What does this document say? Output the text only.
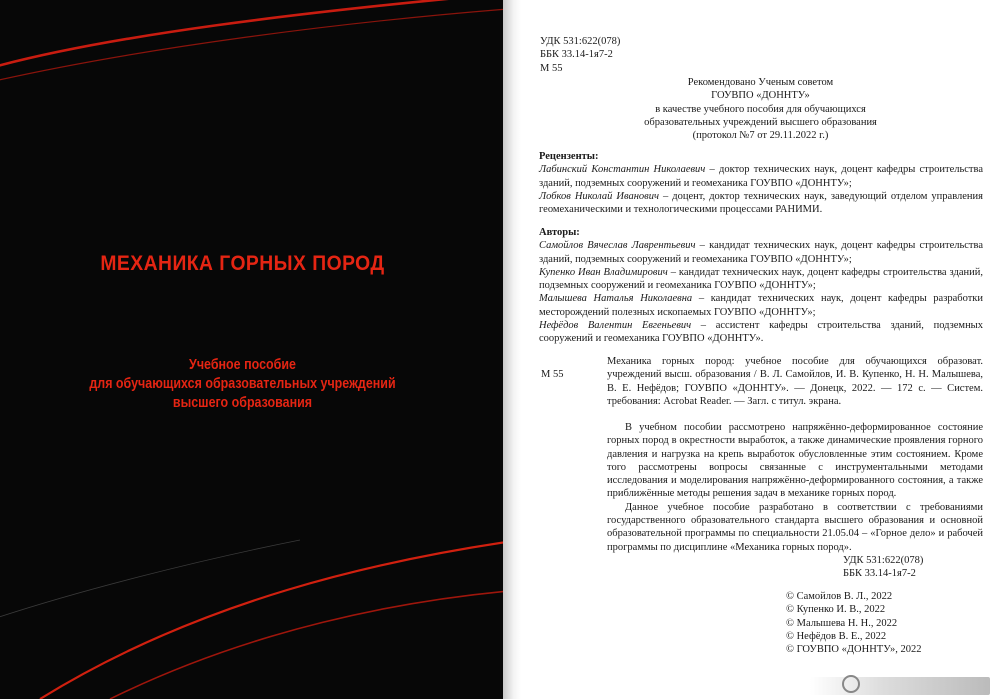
МЕХАНИКА ГОРНЫХ ПОРОД
Учебное пособие
для обучающихся образовательных учреждений
высшего образования
УДК 531:622(078)
ББК 33.14-1я7-2
М 55
Рекомендовано Ученым советом
ГОУВПО «ДОННТУ»
в качестве учебного пособия для обучающихся
образовательных учреждений высшего образования
(протокол №7 от 29.11.2022 г.)
Рецензенты:
Лабинский Константин Николаевич – доктор технических наук, доцент кафедры строительства зданий, подземных сооружений и геомеханика ГОУВПО «ДОННТУ»;
Лобков Николай Иванович – доцент, доктор технических наук, заведующий отделом управления геомеханическими и технологическими процессами РАНИМИ.
Авторы:
Самойлов Вячеслав Лаврентьевич – кандидат технических наук, доцент кафедры строительства зданий, подземных сооружений и геомеханика ГОУВПО «ДОННТУ»;
Купенко Иван Владимирович – кандидат технических наук, доцент кафедры строительства зданий, подземных сооружений и геомеханика ГОУВПО «ДОННТУ»;
Малышева Наталья Николаевна – кандидат технических наук, доцент кафедры разработки месторождений полезных ископаемых ГОУВПО «ДОННТУ»;
Нефёдов Валентин Евгеньевич – ассистент кафедры строительства зданий, подземных сооружений и геомеханика ГОУВПО «ДОННТУ».
М 55
Механика горных пород: учебное пособие для обучающихся образоват. учреждений высш. образования / В. Л. Самойлов, И. В. Купенко, Н. Н. Малышева, В. Е. Нефёдов; ГОУВПО «ДОННТУ». — Донецк, 2022. — 172 с. — Систем. требования: Acrobat Reader. — Загл. с титул. экрана.

В учебном пособии рассмотрено напряжённо-деформированное состояние горных пород в окрестности выработок, а также динамические проявления горного давления и нагрузка на крепь выработок обусловленные этим состоянием. Кроме того рассмотрены вопросы связанные с инструментальными методами исследования и моделирования напряжённо-деформированного состояния, а также приближённые методы решения задач в механике горных пород.

Данное учебное пособие разработано в соответствии с требованиями государственного образовательного стандарта высшего образования и основной образовательной программы по специальности 21.05.04 – «Горное дело» и рабочей программы по дисциплине «Механика горных пород».

УДК 531:622(078)
ББК 33.14-1я7-2
© Самойлов В. Л., 2022
© Купенко И. В., 2022
© Малышева Н. Н., 2022
© Нефёдов В. Е., 2022
© ГОУВПО «ДОННТУ», 2022
